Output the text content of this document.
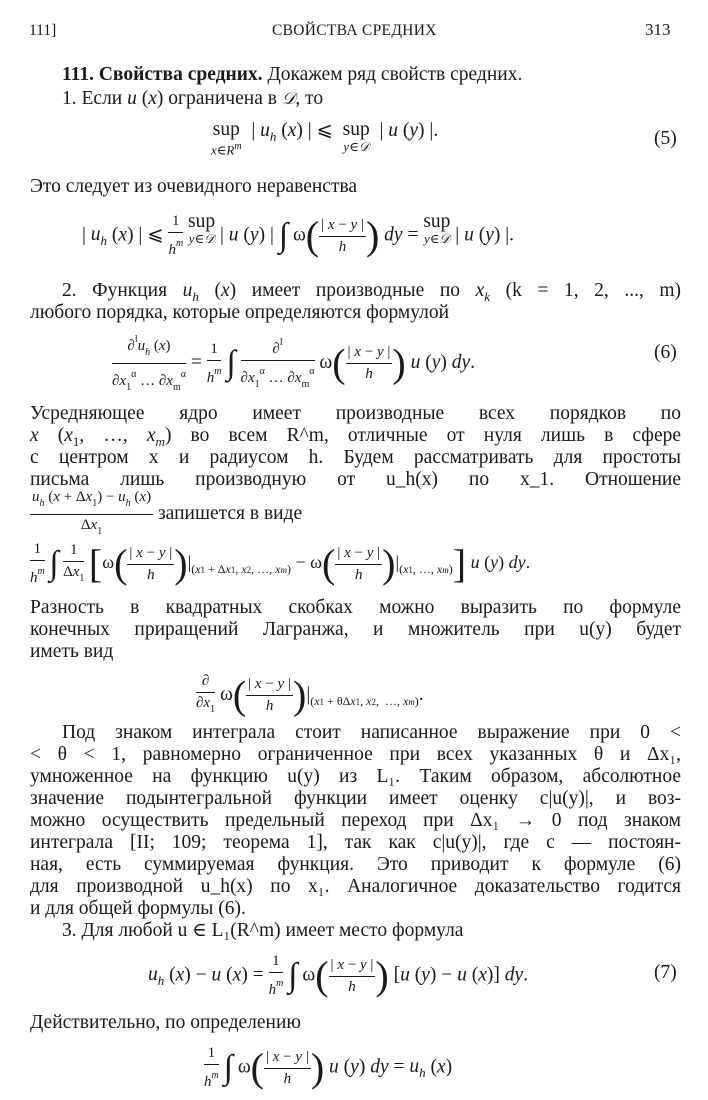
111]	СВОЙСТВА СРЕДНИХ	313
111. Свойства средних. Докажем ряд свойств средних.
1. Если u (x) ограничена в 𝒟, то
sup
$x\in R^m$
| $u_h$ (x) | ⩽ sup
y∈𝒟
| u (y) |.	(5)
Это следует из очевидного неравенства
| $u_h$ (x) | ⩽ $\frac{1}{h^m}$
sup
y∈𝒟 | u (y) | ∫ $\omega( \frac{| x - y |}{h}$ ) dy =
sup
y∈𝒟 | u (y) |.
2. Функция $u_h$ (x) имеет производные по $x_k$ (k = 1, 2, ..., m)
любого порядка, которые определяются формулой
$\frac{\partial^lu_h (x)}{\partial x_1^\alpha \dots \partial x_m^\alpha} = \frac{1}{h^m}$ ∫ $\frac{\partial^l}{\partial x_1^\alpha \dots \partial x_m^\alpha} \omega( \frac{| x - y |}{h}$ ) u (y) dy.	(6)
Усредняющее ядро имеет производные всех порядков по
x ($x_1$, …, $x_m$) во всем R^m, отличные от нуля лишь в сфере
с центром x и радиусом h. Будем рассматривать для простоты
письма лишь производную от u_h(x) по x_1. Отношение
$\frac{u_h (x + \Delta x_1) - u_h (x)}{\Delta x_1}$ запишется в виде
$\frac{1}{h^m}$ ∫ $\frac{1}{\Delta x_1} [\omega( \frac{| x - y |}{h} )|_{(x1 + \Delta x1, x2, \dots, xm)} - \omega( \frac{| x - y |}{h} )|_{(x1, \dots, xm)}]$ u (y) dy.
Разность в квадратных скобках можно выразить по формуле
конечных приращений Лагранжа, и множитель при u(y) будет
иметь вид
$\frac{\partial}{\partial x_1} \omega( \frac{| x - y |}{h} )|_{(x1 + \theta\Delta x1, x2, \dots, xm)}$.
Под знаком интеграла стоит написанное выражение при 0 <
< θ < 1, равномерно ограниченное при всех указанных θ и Δx₁,
умноженное на функцию u(y) из L₁. Таким образом, абсолютное
значение подынтегральной функции имеет оценку c|u(y)|, и воз-
можно осуществить предельный переход при Δx₁ → 0 под знаком
интеграла [II; 109; теорема 1], так как c|u(y)|, где c — постоян-
ная, есть суммируемая функция. Это приводит к формуле (6)
для производной u_h(x) по x₁. Аналогичное доказательство годится
и для общей формулы (6).
3. Для любой u ∈ L₁(R^m) имеет место формула
$u_h$ (x) − u $(x) = \frac{1}{h^m}$ ∫ $\omega( \frac{| x - y |}{h}$ ) [u (y) − u (x)] dy.	(7)
Действительно, по определению
$\frac{1}{h^m}$ ∫ $\omega( \frac{| x - y |}{h}$ ) u (y) dy = $u_h$ (x)
